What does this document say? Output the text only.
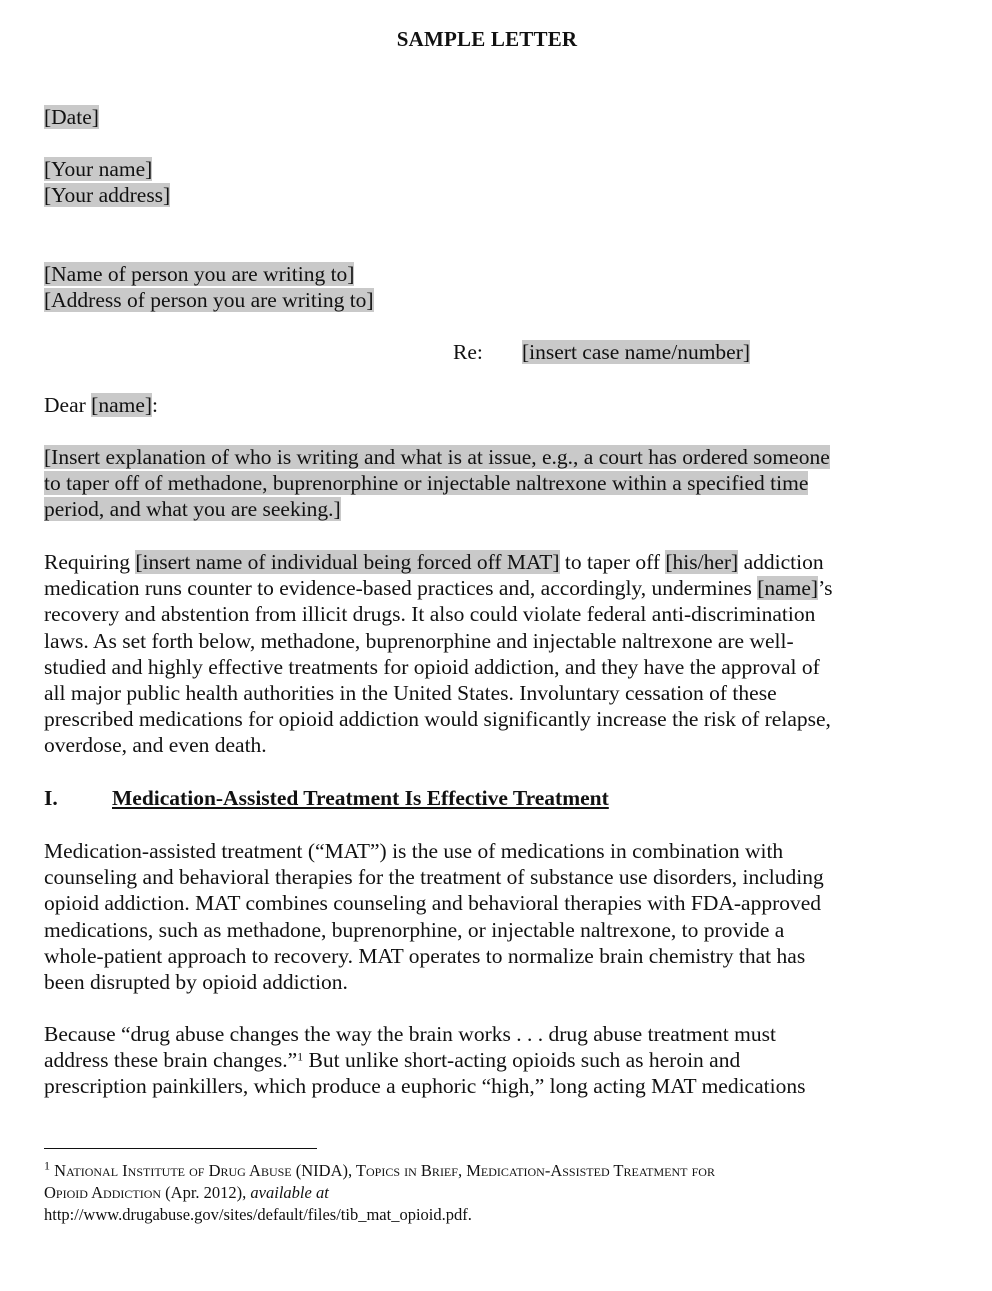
SAMPLE LETTER
[Date]
[Your name]
[Your address]
[Name of person you are writing to]
[Address of person you are writing to]
Re: [insert case name/number]
Dear [name]:
[Insert explanation of who is writing and what is at issue, e.g., a court has ordered someone
to taper off of methadone, buprenorphine or injectable naltrexone within a specified time
period, and what you are seeking.]
Requiring [insert name of individual being forced off MAT] to taper off [his/her] addiction
medication runs counter to evidence-based practices and, accordingly, undermines [name]’s
recovery and abstention from illicit drugs. It also could violate federal anti-discrimination
laws. As set forth below, methadone, buprenorphine and injectable naltrexone are well-
studied and highly effective treatments for opioid addiction, and they have the approval of
all major public health authorities in the United States. Involuntary cessation of these
prescribed medications for opioid addiction would significantly increase the risk of relapse,
overdose, and even death.
I.	Medication-Assisted Treatment Is Effective Treatment
Medication-assisted treatment (“MAT”) is the use of medications in combination with
counseling and behavioral therapies for the treatment of substance use disorders, including
opioid addiction. MAT combines counseling and behavioral therapies with FDA-approved
medications, such as methadone, buprenorphine, or injectable naltrexone, to provide a
whole-patient approach to recovery. MAT operates to normalize brain chemistry that has
been disrupted by opioid addiction.
Because “drug abuse changes the way the brain works . . . drug abuse treatment must
address these brain changes.”$^1$ But unlike short-acting opioids such as heroin and
prescription painkillers, which produce a euphoric “high,” long acting MAT medications
$^1$ National Institute of Drug Abuse (NIDA), Topics in Brief, Medication-Assisted Treatment for
Opioid Addiction (Apr. 2012), available at
http://www.drugabuse.gov/sites/default/files/tib_mat_opioid.pdf.
